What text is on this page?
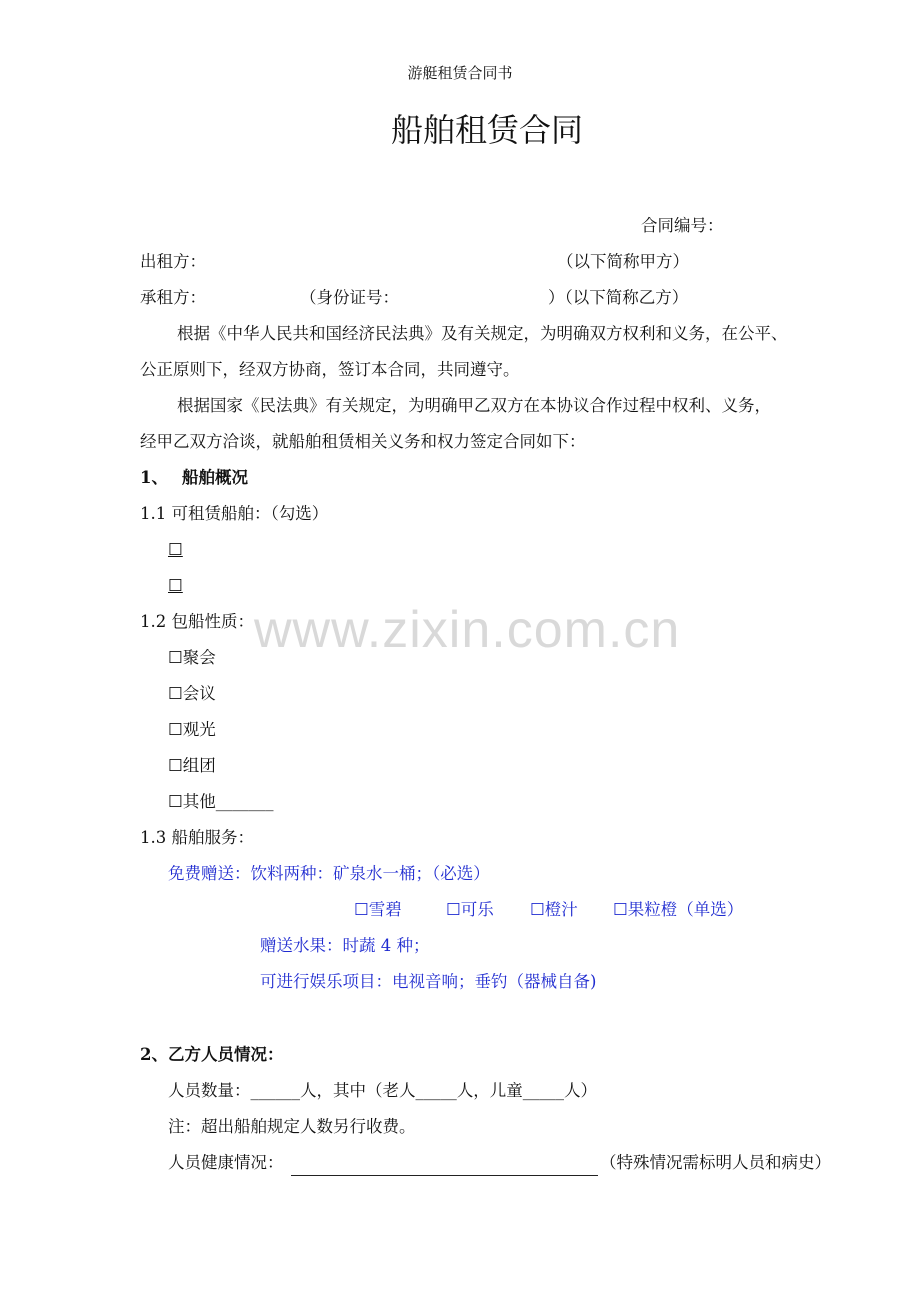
游艇租赁合同书
船舶租赁合同
合同编号：
出租方：	（以下简称甲方）
承租方：	（身份证号：	）（以下简称乙方）
根据《中华人民共和国经济民法典》及有关规定，为明确双方权利和义务，在公平、
公正原则下，经双方协商，签订本合同，共同遵守。
根据国家《民法典》有关规定，为明确甲乙双方在本协议合作过程中权利、义务，
经甲乙双方洽谈，就船舶租赁相关义务和权力签定合同如下：
1、 船舶概况
1.1 可租赁船舶：（勾选）
☐
☐
1.2 包船性质：
☐聚会
☐会议
☐观光
☐组团
☐其他_______
1.3 船舶服务：
免费赠送：饮料两种：矿泉水一桶；（必选）
☐雪碧	☐可乐 ☐橙汁 ☐果粒橙（单选）
赠送水果：时蔬 4 种；
可进行娱乐项目：电视音响；垂钓（器械自备)
2、乙方人员情况：
人员数量：______人，其中（老人_____人，儿童_____人）
注：超出船舶规定人数另行收费。
人员健康情况：	（特殊情况需标明人员和病史）
www.zixin.com.cn
